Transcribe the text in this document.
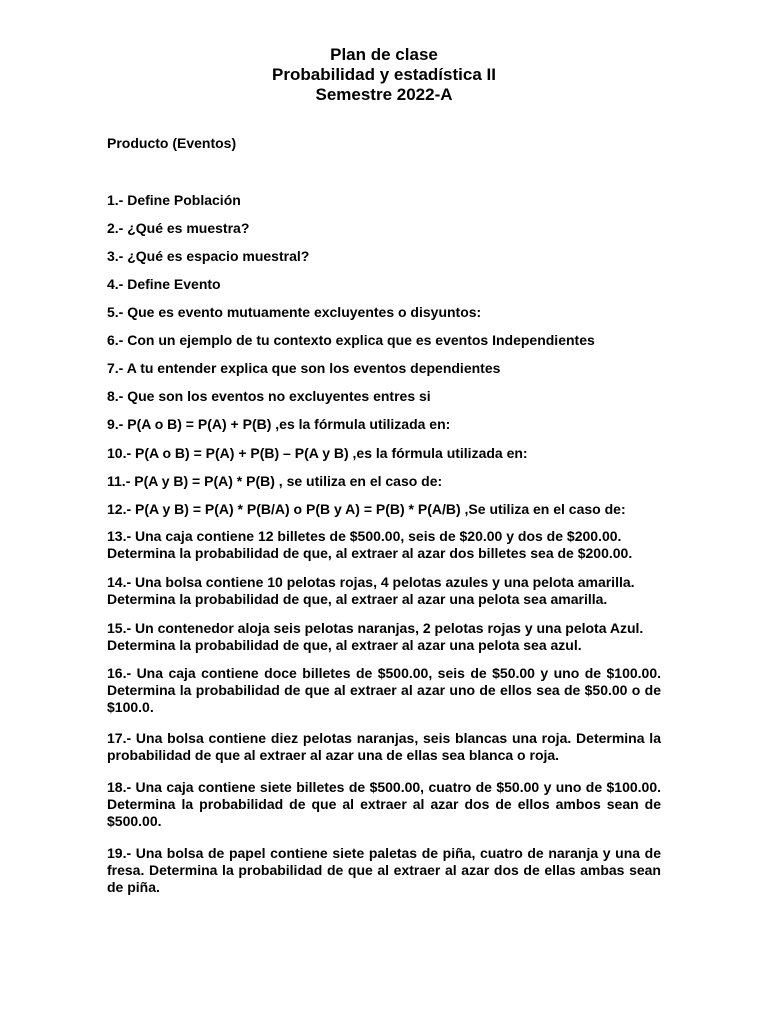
Plan de clase
Probabilidad y estadística II
Semestre 2022-A
Producto (Eventos)
1.- Define Población
2.- ¿Qué es muestra?
3.- ¿Qué es espacio muestral?
4.- Define Evento
5.- Que es evento mutuamente excluyentes o disyuntos:
6.- Con un ejemplo de tu contexto explica que es eventos Independientes
7.- A tu entender explica que son los eventos dependientes
8.- Que son los eventos no excluyentes entres si
9.- P(A o B) = P(A) + P(B) ,es la fórmula utilizada en:
10.- P(A o B) = P(A) + P(B) – P(A y B) ,es la fórmula utilizada en:
11.- P(A y B) = P(A) * P(B) , se utiliza en el caso de:
12.- P(A y B) = P(A) * P(B/A) o P(B y A) = P(B) * P(A/B) ,Se utiliza en el caso de:
13.- Una caja contiene 12 billetes de $500.00, seis de $20.00 y dos de $200.00.
Determina la probabilidad de que, al extraer al azar dos billetes sea de $200.00.
14.- Una bolsa contiene 10 pelotas rojas, 4 pelotas azules y una pelota amarilla.
Determina la probabilidad de que, al extraer al azar una pelota sea amarilla.
15.- Un contenedor aloja seis pelotas naranjas, 2 pelotas rojas y una pelota Azul.
Determina la probabilidad de que, al extraer al azar una pelota sea azul.
16.- Una caja contiene doce billetes de $500.00, seis de $50.00 y uno de $100.00. Determina la probabilidad de que al extraer al azar uno de ellos sea de $50.00 o de $100.0.
17.- Una bolsa contiene diez pelotas naranjas, seis blancas una roja. Determina la probabilidad de que al extraer al azar una de ellas sea blanca o roja.
18.- Una caja contiene siete billetes de $500.00, cuatro de $50.00 y uno de $100.00. Determina la probabilidad de que al extraer al azar dos de ellos ambos sean de $500.00.
19.- Una bolsa de papel contiene siete paletas de piña, cuatro de naranja y una de fresa. Determina la probabilidad de que al extraer al azar dos de ellas ambas sean de piña.
